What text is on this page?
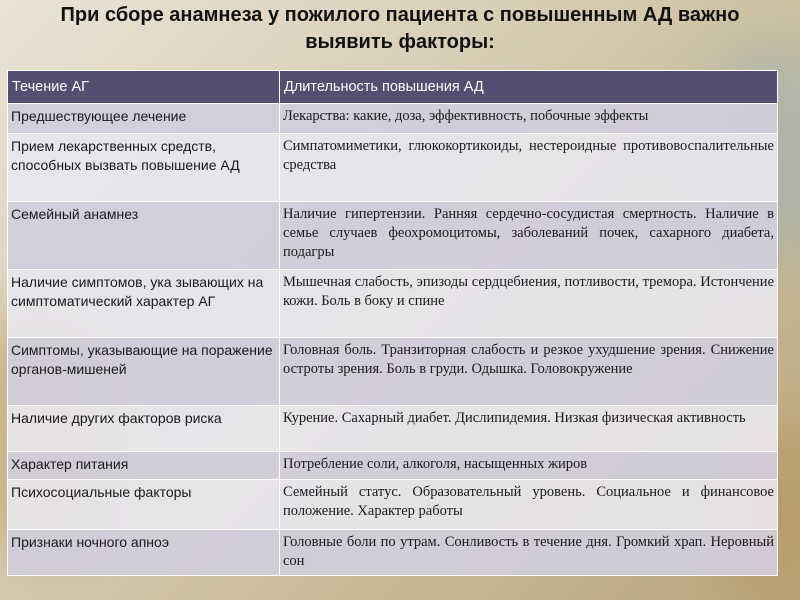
При сборе анамнеза у пожилого пациента с повышенным АД важно выявить факторы:
Течение АГ	Длительность повышения АД
Предшествующее лечение	Лекарства: какие, доза, эффективность, побочные эффекты
Прием лекарственных средств, способных вызвать повышение АД	Симпатомиметики, глюкокортикоиды, нестероидные противовоспалительные средства
Семейный анамнез	Наличие гипертензии. Ранняя сердечно-сосудистая смертность. Наличие в семье случаев феохромоцитомы, заболеваний почек, сахарного диабета, подагры
Наличие симптомов, ука зывающих на симптоматический характер АГ	Мышечная слабость, эпизоды сердцебиения, потливости, тремора. Истончение кожи. Боль в боку и спине
Симптомы, указывающие на поражение органов-мишеней	Головная боль. Транзиторная слабость и резкое ухудшение зрения. Снижение остроты зрения. Боль в груди. Одышка. Головокружение
Наличие других факторов риска	Курение. Сахарный диабет. Дислипидемия. Низкая физическая активность
Характер питания	Потребление соли, алкоголя, насыщенных жиров
Психосоциальные факторы	Семейный статус. Образовательный уровень. Социальное и финансовое положение. Характер работы
Признаки ночного апноэ	Головные боли по утрам. Сонливость в течение дня. Громкий храп. Неровный сон
